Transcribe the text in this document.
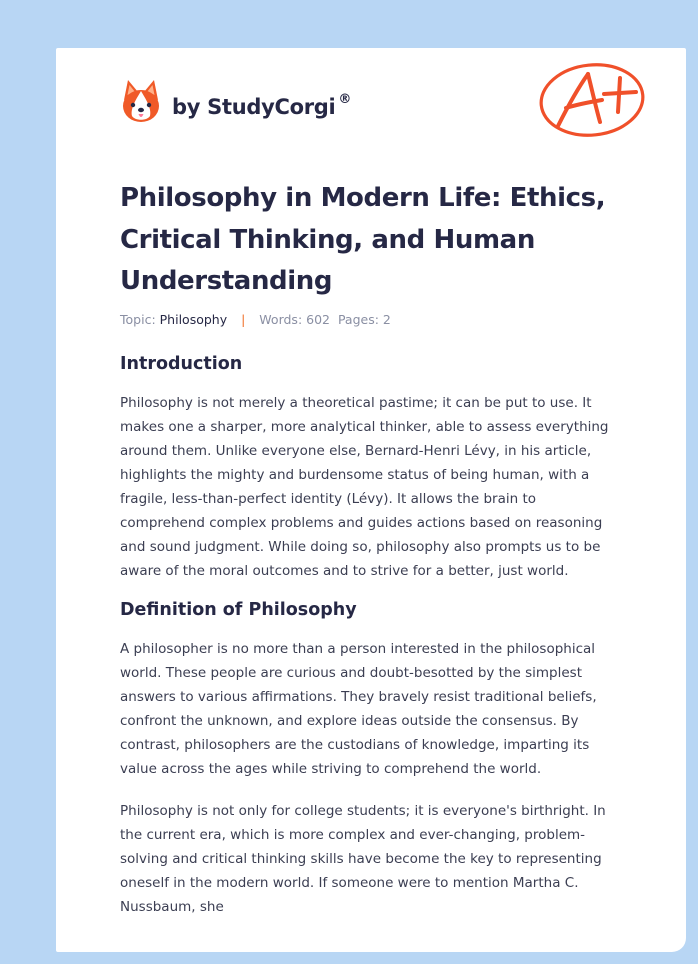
by StudyCorgi ®
Philosophy in Modern Life: Ethics, Critical Thinking, and Human Understanding
Topic: Philosophy | Words: 602 Pages: 2
Introduction

Philosophy is not merely a theoretical pastime; it can be put to use. It makes one a sharper, more analytical thinker, able to assess everything around them. Unlike everyone else, Bernard-Henri Lévy, in his article, highlights the mighty and burdensome status of being human, with a fragile, less-than-perfect identity (Lévy). It allows the brain to comprehend complex problems and guides actions based on reasoning and sound judgment. While doing so, philosophy also prompts us to be aware of the moral outcomes and to strive for a better, just world.

Definition of Philosophy

A philosopher is no more than a person interested in the philosophical world. These people are curious and doubt-besotted by the simplest answers to various affirmations. They bravely resist traditional beliefs, confront the unknown, and explore ideas outside the consensus. By contrast, philosophers are the custodians of knowledge, imparting its value across the ages while striving to comprehend the world.

Philosophy is not only for college students; it is everyone's birthright. In the current era, which is more complex and ever-changing, problem-solving and critical thinking skills have become the key to representing oneself in the modern world. If someone were to mention Martha C. Nussbaum, she
